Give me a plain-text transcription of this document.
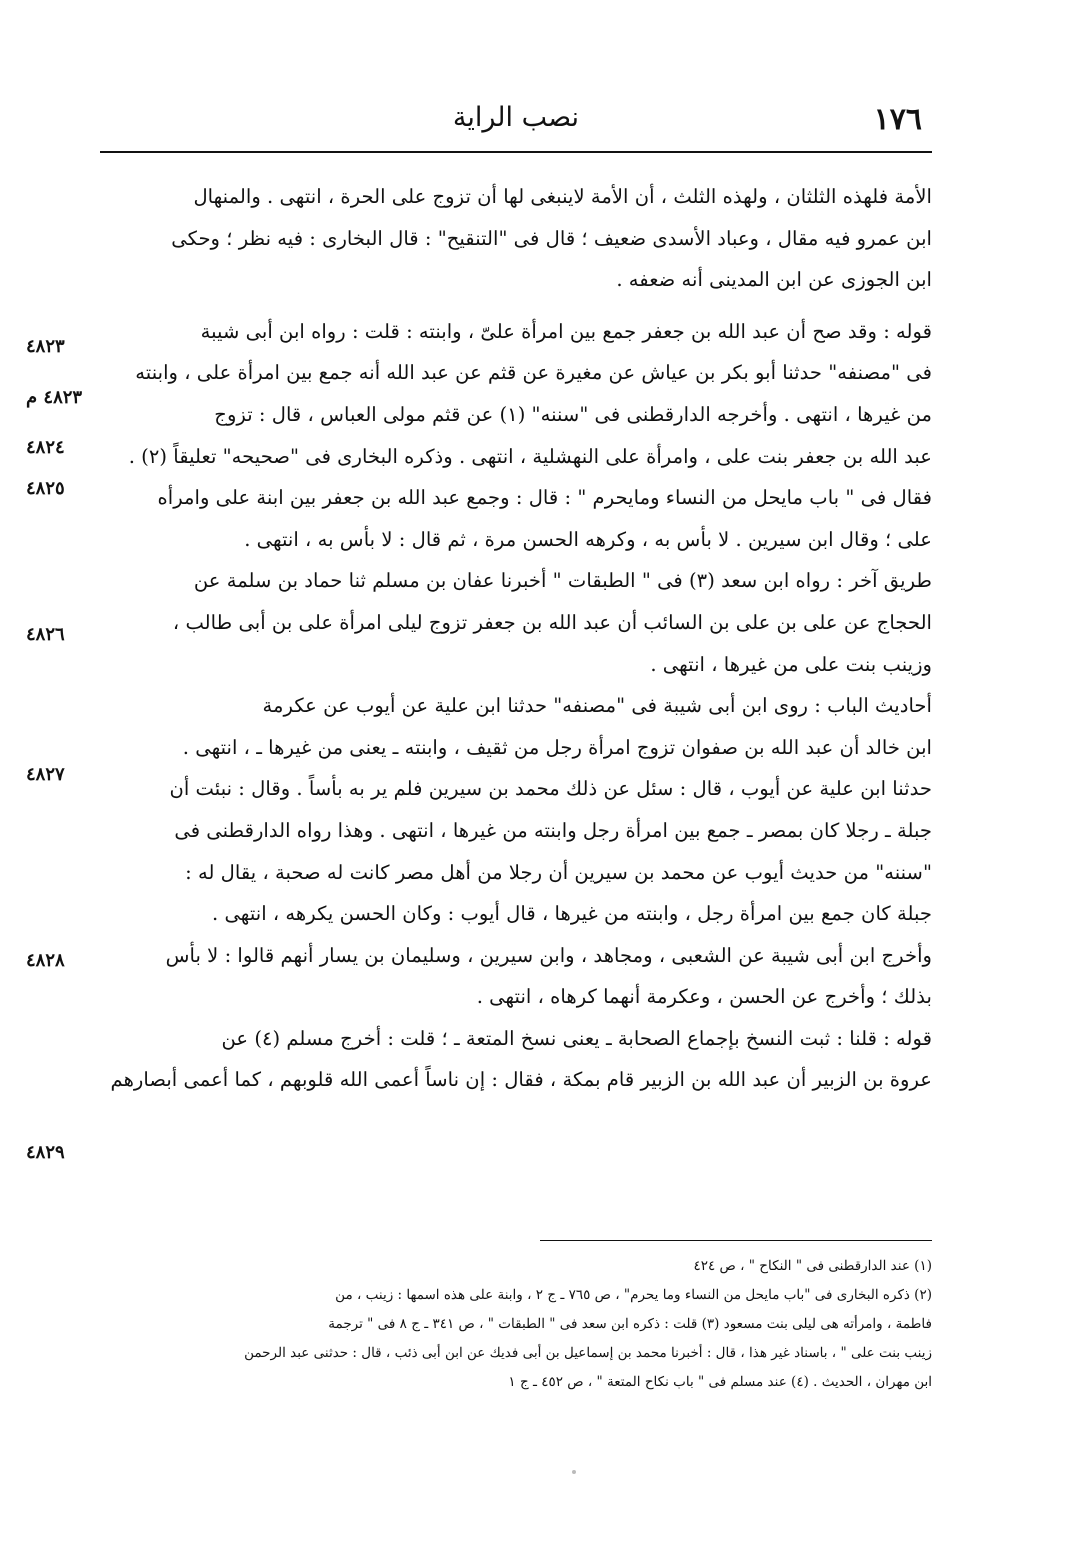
١٧٦
نصب الراية
٤٨٢٣
٤٨٢٣ م
٤٨٢٤
٤٨٢٥
٤٨٢٦
٤٨٢٧
٤٨٢٨
٤٨٢٩
الأمة فلهذه الثلثان ، ولهذه الثلث ، أن الأمة لاينبغى لها أن تزوج على الحرة ، انتهى . والمنهال
ابن عمرو فيه مقال ، وعباد الأسدى ضعيف ؛ قال فى "التنقيح" : قال البخارى : فيه نظر ؛ وحكى
ابن الجوزى عن ابن المدينى أنه ضعفه .
قوله : وقد صح أن عبد الله بن جعفر جمع بين امرأة علىّ ، وابنته : قلت : رواه ابن أبى شيبة
فى "مصنفه" حدثنا أبو بكر بن عياش عن مغيرة عن قثم عن عبد الله أنه جمع بين امرأة على ، وابنته
من غيرها ، انتهى . وأخرجه الدارقطنى فى "سننه" (١) عن قثم مولى العباس ، قال : تزوج
عبد الله بن جعفر بنت على ، وامرأة على النهشلية ، انتهى . وذكره البخارى فى "صحيحه" تعليقاً (٢) .
فقال فى " باب مايحل من النساء ومايحرم " : قال : وجمع عبد الله بن جعفر بين ابنة على وامرأه
على ؛ وقال ابن سيرين . لا بأس به ، وكرهه الحسن مرة ، ثم قال : لا بأس به ، انتهى .
طريق آخر : رواه ابن سعد (٣) فى " الطبقات " أخبرنا عفان بن مسلم ثنا حماد بن سلمة عن
الحجاج عن على بن على بن السائب أن عبد الله بن جعفر تزوج ليلى امرأة على بن أبى طالب ،
وزينب بنت على من غيرها ، انتهى .
أحاديث الباب : روى ابن أبى شيبة فى "مصنفه" حدثنا ابن علية عن أيوب عن عكرمة
ابن خالد أن عبد الله بن صفوان تزوج امرأة رجل من ثقيف ، وابنته ـ يعنى من غيرها ـ ، انتهى .
حدثنا ابن علية عن أيوب ، قال : سئل عن ذلك محمد بن سيرين فلم ير به بأساً . وقال : نبئت أن
جبلة ـ رجلا كان بمصر ـ جمع بين امرأة رجل وابنته من غيرها ، انتهى . وهذا رواه الدارقطنى فى
"سننه" من حديث أيوب عن محمد بن سيرين أن رجلا من أهل مصر كانت له صحبة ، يقال له :
جبلة كان جمع بين امرأة رجل ، وابنته من غيرها ، قال أيوب : وكان الحسن يكرهه ، انتهى .
وأخرج ابن أبى شيبة عن الشعبى ، ومجاهد ، وابن سيرين ، وسليمان بن يسار أنهم قالوا : لا بأس
بذلك ؛ وأخرج عن الحسن ، وعكرمة أنهما كرهاه ، انتهى .
قوله : قلنا : ثبت النسخ بإجماع الصحابة ـ يعنى نسخ المتعة ـ ؛ قلت : أخرج مسلم (٤) عن
عروة بن الزبير أن عبد الله بن الزبير قام بمكة ، فقال : إن ناساً أعمى الله قلوبهم ، كما أعمى أبصارهم
(١) عند الدارقطنى فى " النكاح " ، ص ٤٢٤
(٢) ذكره البخارى فى "باب مايحل من النساء وما يحرم" ، ص ٧٦٥ ـ ج ٢ ، وابنة على هذه اسمها : زينب ، من
فاطمة ، وامرأته هى ليلى بنت مسعود (٣) قلت : ذكره ابن سعد فى " الطبقات " ، ص ٣٤١ ـ ج ٨ فى " ترجمة
زينب بنت على " ، باسناد غير هذا ، قال : أخبرنا محمد بن إسماعيل بن أبى فديك عن ابن أبى ذئب ، قال : حدثنى عبد الرحمن
ابن مهران ، الحديث . (٤) عند مسلم فى " باب نكاح المتعة " ، ص ٤٥٢ ـ ج ١
